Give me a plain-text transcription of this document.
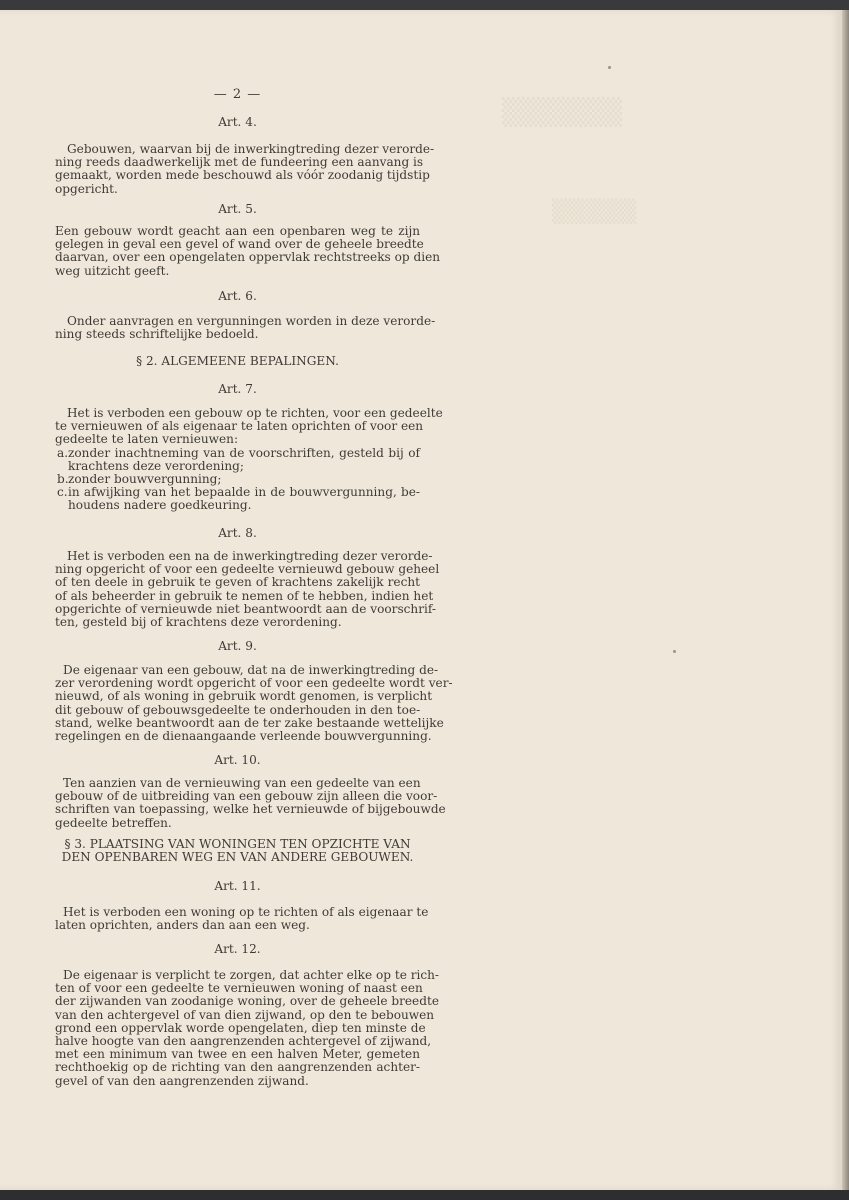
▒▒▒▒▒▒
▒▒▒▒▒
— 2 —
Art. 4.

Gebouwen, waarvan bij de inwerkingtreding dezer verorde-
ning reeds daadwerkelijk met de fundeering een aanvang is
gemaakt, worden mede beschouwd als vóór zoodanig tijdstip
opgericht.

Art. 5.

Een gebouw wordt geacht aan een openbaren weg te zijn
gelegen in geval een gevel of wand over de geheele breedte
daarvan, over een opengelaten oppervlak rechtstreeks op dien
weg uitzicht geeft.

Art. 6.

Onder aanvragen en vergunningen worden in deze verorde-
ning steeds schriftelijke bedoeld.

§ 2. ALGEMEENE BEPALINGEN.
Art. 7.

Het is verboden een gebouw op te richten, voor een gedeelte
te vernieuwen of als eigenaar te laten oprichten of voor een
gedeelte te laten vernieuwen:

a. zonder inachtneming van de voorschriften, gesteld bij of
krachtens deze verordening;
b. zonder bouwvergunning;
c. in afwijking van het bepaalde in de bouwvergunning, be-
houdens nadere goedkeuring.
Art. 8.

Het is verboden een na de inwerkingtreding dezer verorde-
ning opgericht of voor een gedeelte vernieuwd gebouw geheel
of ten deele in gebruik te geven of krachtens zakelijk recht
of als beheerder in gebruik te nemen of te hebben, indien het
opgerichte of vernieuwde niet beantwoordt aan de voorschrif-
ten, gesteld bij of krachtens deze verordening.

Art. 9.

De eigenaar van een gebouw, dat na de inwerkingtreding de-
zer verordening wordt opgericht of voor een gedeelte wordt ver-
nieuwd, of als woning in gebruik wordt genomen, is verplicht
dit gebouw of gebouwsgedeelte te onderhouden in den toe-
stand, welke beantwoordt aan de ter zake bestaande wettelijke
regelingen en de dienaangaande verleende bouwvergunning.

Art. 10.

Ten aanzien van de vernieuwing van een gedeelte van een
gebouw of de uitbreiding van een gebouw zijn alleen die voor-
schriften van toepassing, welke het vernieuwde of bijgebouwde
gedeelte betreffen.

§ 3. PLAATSING VAN WONINGEN TEN OPZICHTE VAN
DEN OPENBAREN WEG EN VAN ANDERE GEBOUWEN.

Art. 11.

Het is verboden een woning op te richten of als eigenaar te
laten oprichten, anders dan aan een weg.

Art. 12.

De eigenaar is verplicht te zorgen, dat achter elke op te rich-
ten of voor een gedeelte te vernieuwen woning of naast een
der zijwanden van zoodanige woning, over de geheele breedte
van den achtergevel of van dien zijwand, op den te bebouwen
grond een oppervlak worde opengelaten, diep ten minste de
halve hoogte van den aangrenzenden achtergevel of zijwand,
met een minimum van twee en een halven Meter, gemeten
rechthoekig op de richting van den aangrenzenden achter-
gevel of van den aangrenzenden zijwand.
